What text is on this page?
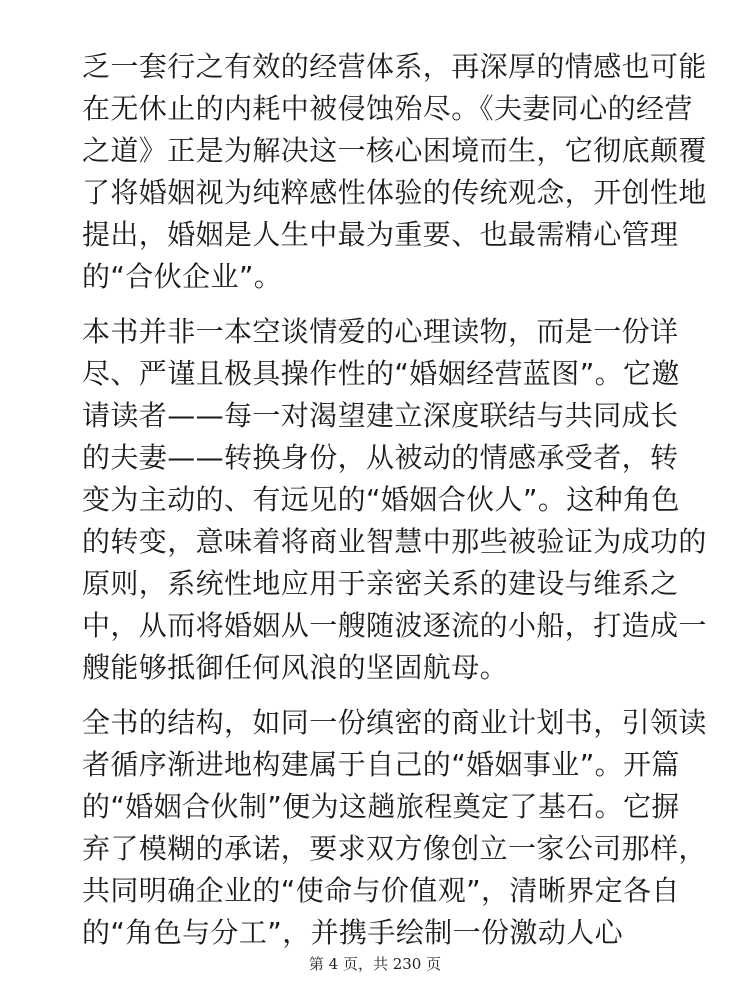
乏一套行之有效的经营体系，再深厚的情感也可能
在无休止的内耗中被侵蚀殆尽。《夫妻同心的经营
之道》正是为解决这一核心困境而生，它彻底颠覆
了将婚姻视为纯粹感性体验的传统观念，开创性地
提出，婚姻是人生中最为重要、也最需精心管理
的“合伙企业”。

本书并非一本空谈情爱的心理读物，而是一份详
尽、严谨且极具操作性的“婚姻经营蓝图”。它邀
请读者——每一对渴望建立深度联结与共同成长
的夫妻——转换身份，从被动的情感承受者，转
变为主动的、有远见的“婚姻合伙人”。这种角色
的转变，意味着将商业智慧中那些被验证为成功的
原则，系统性地应用于亲密关系的建设与维系之
中，从而将婚姻从一艘随波逐流的小船，打造成一
艘能够抵御任何风浪的坚固航母。

全书的结构，如同一份缜密的商业计划书，引领读
者循序渐进地构建属于自己的“婚姻事业”。开篇
的“婚姻合伙制”便为这趟旅程奠定了基石。它摒
弃了模糊的承诺，要求双方像创立一家公司那样，
共同明确企业的“使命与价值观”，清晰界定各自
的“角色与分工”，并携手绘制一份激动人心

第 4 页，共 230 页
